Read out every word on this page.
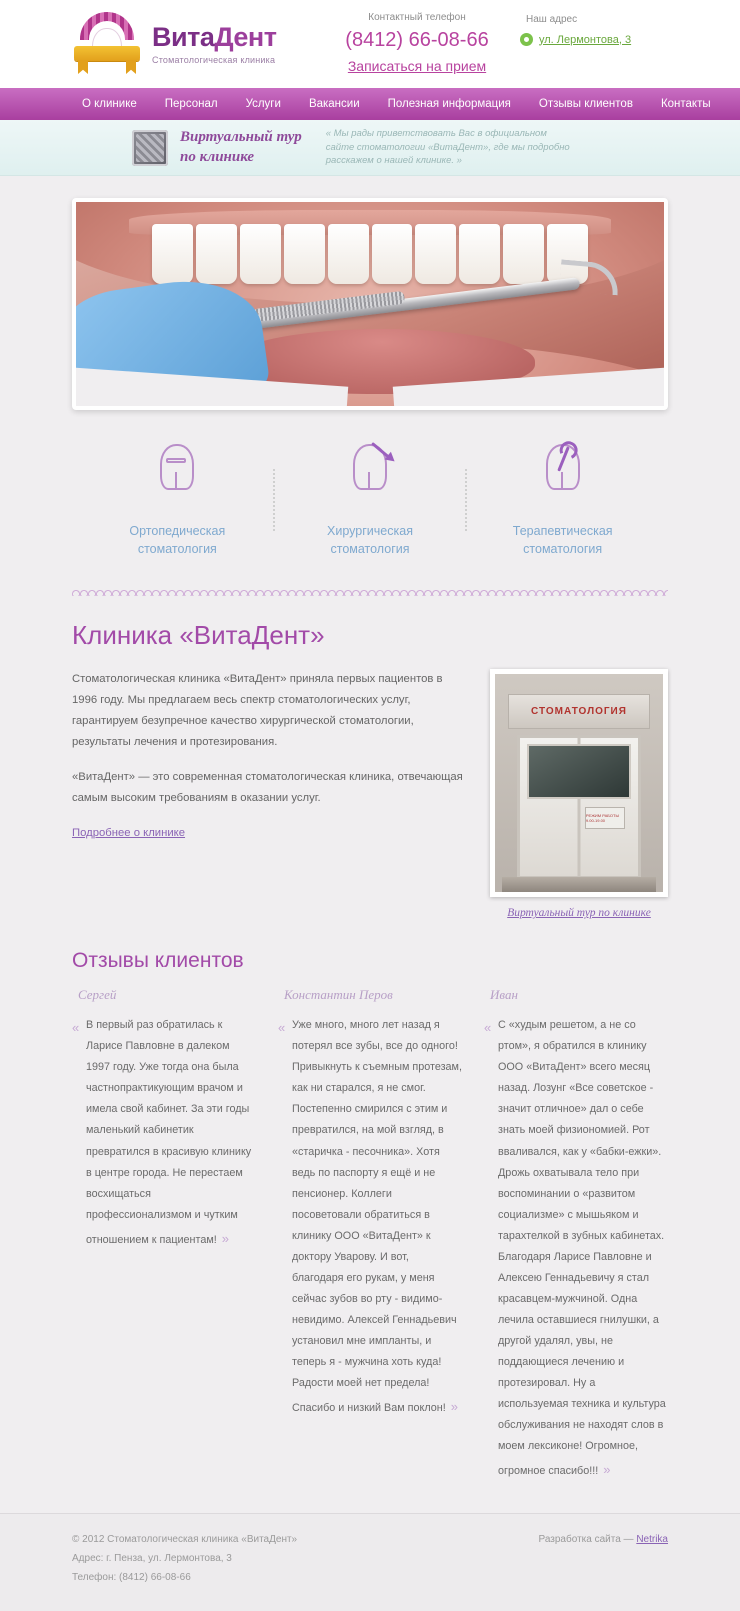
ВитаДент
Стоматологическая клиника
Контактный телефон
(8412) 66-08-66
Записаться на прием
Наш адрес
ул. Лермонтова, 3
О клинике	Персонал	Услуги	Вакансии	Полезная информация	Отзывы клиентов	Контакты
Виртуальный тур
по клинике
« Мы рады приветствовать Вас в официальном сайте стоматологии «ВитаДент», где мы подробно расскажем о нашей клинике. »
Ортопедическая
стоматология
Хирургическая
стоматология
Терапевтическая
стоматология
Клиника «ВитаДент»

Стоматологическая клиника «ВитаДент» приняла первых пациентов в 1996 году. Мы предлагаем весь спектр стоматологических услуг, гарантируем безупречное качество хирургической стоматологии, результаты лечения и протезирования.

«ВитаДент» — это современная стоматологическая клиника, отвечающая самым высоким требованиям в оказании услуг.

Подробнее о клинике
СТОМАТОЛОГИЯ
РЕЖИМ РАБОТЫ 9.00-19.00
Виртуальный тур по клинике
Отзывы клиентов
Сергей
« В первый раз обратилась к Ларисе Павловне в далеком 1997 году. Уже тогда она была частнопрактикующим врачом и имела свой кабинет. За эти годы маленький кабинетик превратился в красивую клинику в центре города. Не перестаем восхищаться профессионализмом и чутким отношением к пациентам! »
Константин Перов
« Уже много, много лет назад я потерял все зубы, все до одного! Привыкнуть к съемным протезам, как ни старался, я не смог. Постепенно смирился с этим и превратился, на мой взгляд, в «старичка - песочника». Хотя ведь по паспорту я ещё и не пенсионер. Коллеги посоветовали обратиться в клинику ООО «ВитаДент» к доктору Уварову. И вот, благодаря его рукам, у меня сейчас зубов во рту - видимо-невидимо. Алексей Геннадьевич установил мне импланты, и теперь я - мужчина хоть куда! Радости моей нет предела! Спасибо и низкий Вам поклон! »
Иван
« С «худым решетом, а не со ртом», я обратился в клинику ООО «ВитаДент» всего месяц назад. Лозунг «Все советское - значит отличное» дал о себе знать моей физиономией. Рот вваливался, как у «бабки-ежки». Дрожь охватывала тело при воспоминании о «развитом социализме» с мышьяком и тарахтелкой в зубных кабинетах. Благодаря Ларисе Павловне и Алексею Геннадьевичу я стал красавцем-мужчиной. Одна лечила оставшиеся гнилушки, а другой удалял, увы, не поддающиеся лечению и протезировал. Ну а используемая техника и культура обслуживания не находят слов в моем лексиконе! Огромное, огромное спасибо!!! »
© 2012 Стоматологическая клиника «ВитаДент»
Адрес: г. Пенза, ул. Лермонтова, 3
Телефон: (8412) 66-08-66
Разработка сайта — Netrika
